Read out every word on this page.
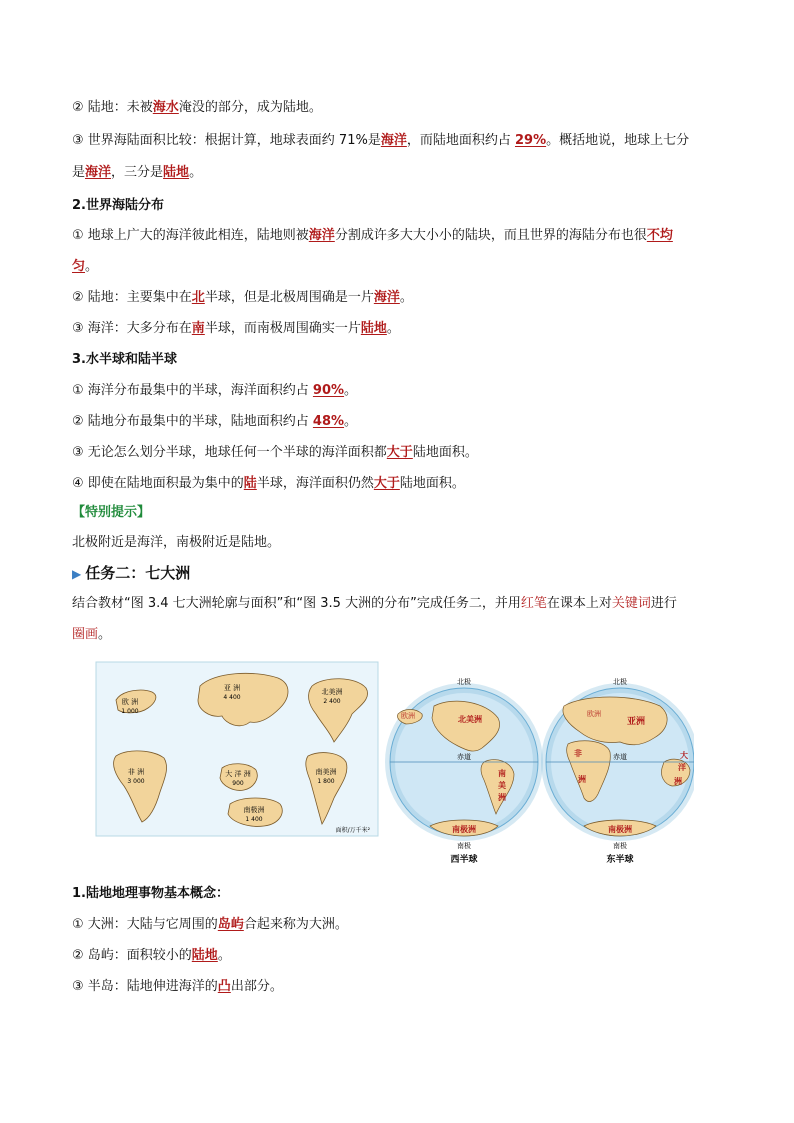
② 陆地：未被海水淹没的部分，成为陆地。
③ 世界海陆面积比较：根据计算，地球表面约 71%是海洋，而陆地面积约占 29%。概括地说，地球上七分
是海洋，三分是陆地。
2.世界海陆分布
① 地球上广大的海洋彼此相连，陆地则被海洋分割成许多大大小小的陆块，而且世界的海陆分布也很不均
匀。
② 陆地：主要集中在北半球，但是北极周围确是一片海洋。
③ 海洋：大多分布在南半球，而南极周围确实一片陆地。
3.水半球和陆半球
① 海洋分布最集中的半球，海洋面积约占 90%。
② 陆地分布最集中的半球，陆地面积约占 48%。
③ 无论怎么划分半球，地球任何一个半球的海洋面积都大于陆地面积。
④ 即使在陆地面积最为集中的陆半球，海洋面积仍然大于陆地面积。
【特别提示】
北极附近是海洋，南极附近是陆地。
▶ 任务二：七大洲
结合教材“图 3.4 七大洲轮廓与面积”和“图 3.5 大洲的分布”完成任务二，并用红笔在课本上对关键词进行
圈画。
欧 洲
1 000
亚 洲
4 400
北美洲
2 400
非 洲
3 000
大 洋 洲
900
南美洲
1 800
南极洲
1 400
面积/万千米²
北极
赤道
欧洲	北美洲
南
美
洲
南极洲
南极
西半球
北极
赤道
欧洲
亚洲
非
洲
大
洋
洲
南极洲
南极
东半球
1.陆地地理事物基本概念：
① 大洲：大陆与它周围的岛屿合起来称为大洲。
② 岛屿：面积较小的陆地。
③ 半岛：陆地伸进海洋的凸出部分。
